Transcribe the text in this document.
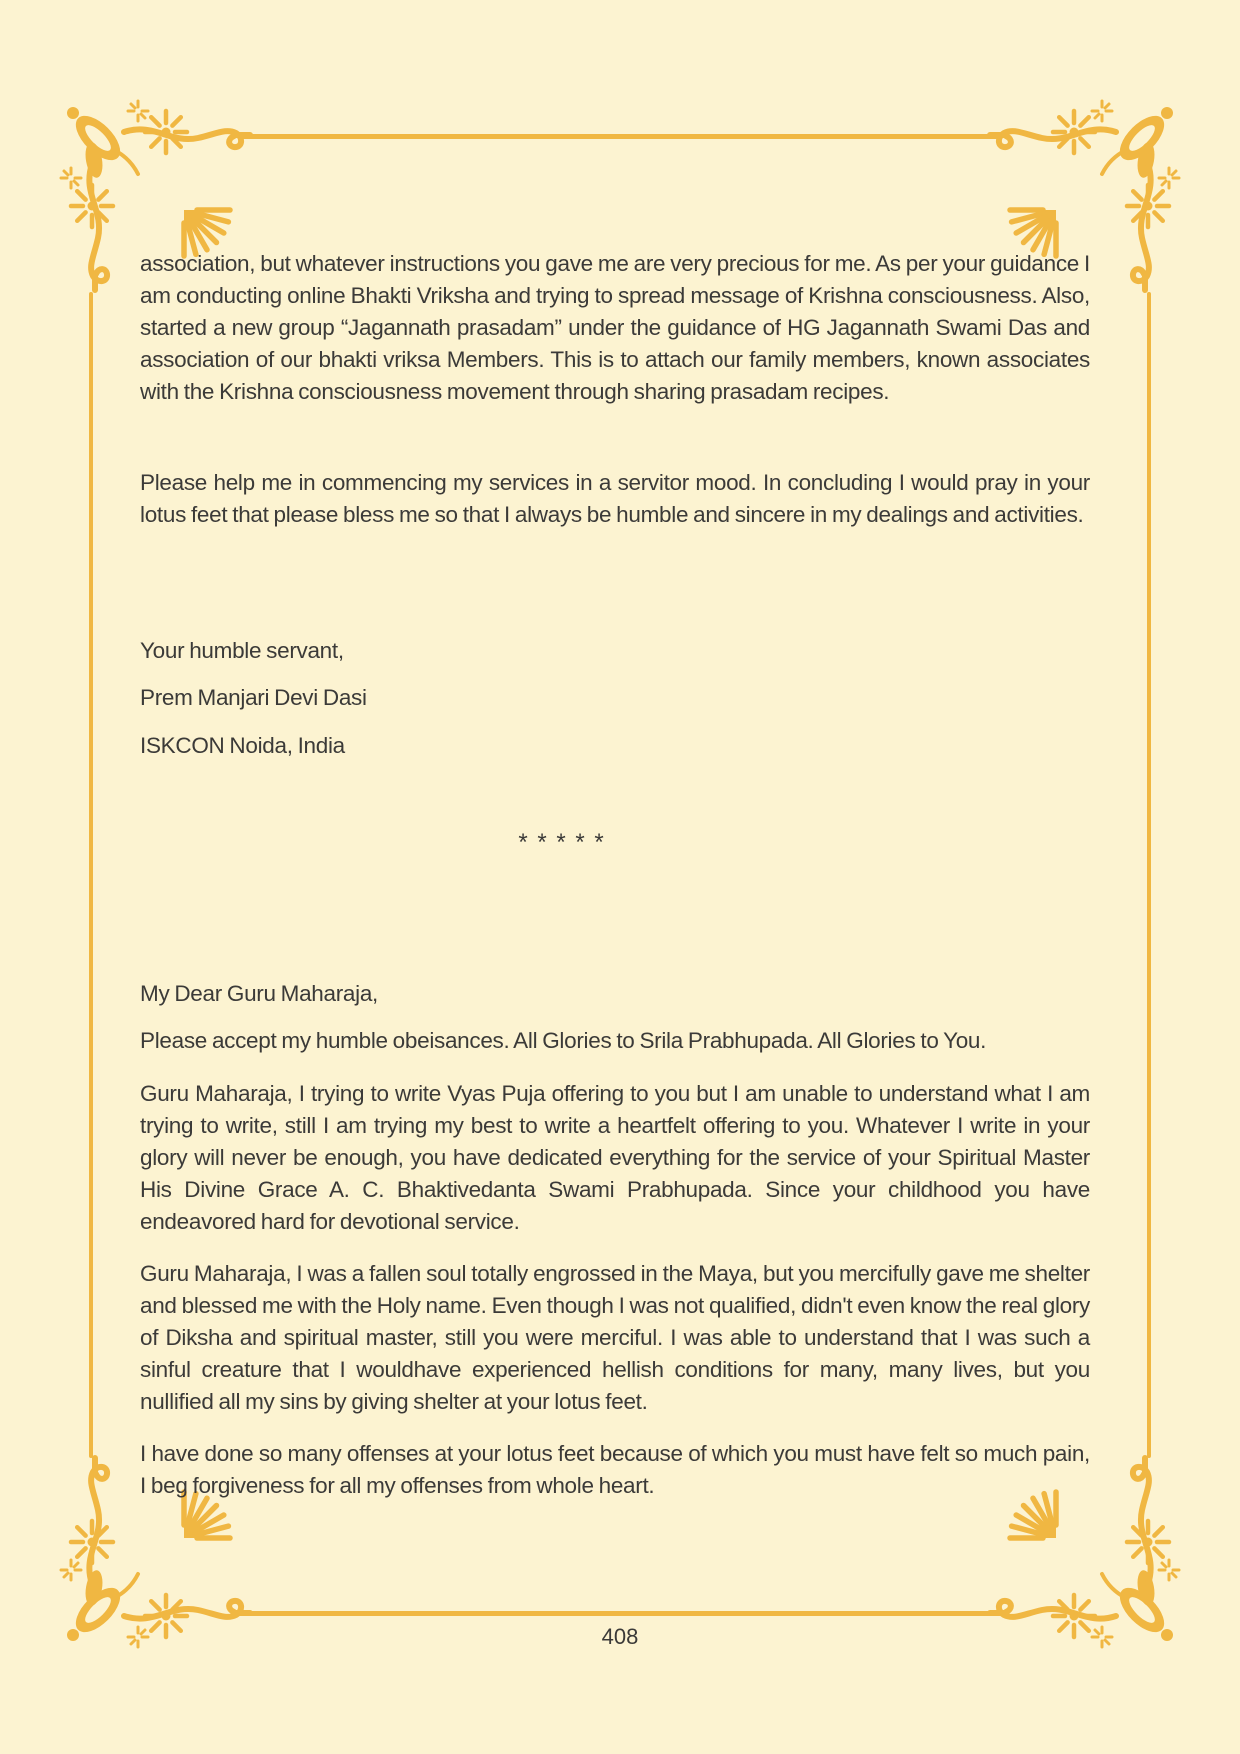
association, but whatever instructions you gave me are very precious for me. As per your guidance I am conducting online Bhakti Vriksha and trying to spread message of Krishna consciousness. Also, started a new group “Jagannath prasadam” under the guidance of HG Jagannath Swami Das and association of our bhakti vriksa Members. This is to attach our family members, known associates with the Krishna consciousness movement through sharing prasadam recipes.

Please help me in commencing my services in a servitor mood. In concluding I would pray in your lotus feet that please bless me so that I always be humble and sincere in my dealings and activities.

Your humble servant,

Prem Manjari Devi Dasi

ISKCON Noida, India

* * * * *

My Dear Guru Maharaja,

Please accept my humble obeisances. All Glories to Srila Prabhupada. All Glories to You.

Guru Maharaja, I trying to write Vyas Puja offering to you but I am unable to understand what I am trying to write, still I am trying my best to write a heartfelt offering to you. Whatever I write in your glory will never be enough, you have dedicated everything for the service of your Spiritual Master His Divine Grace A. C. Bhaktivedanta Swami Prabhupada. Since your childhood you have endeavored hard for devotional service.

Guru Maharaja, I was a fallen soul totally engrossed in the Maya, but you mercifully gave me shelter and blessed me with the Holy name. Even though I was not qualified, didn't even know the real glory of Diksha and spiritual master, still you were merciful. I was able to understand that I was such a sinful creature that I wouldhave experienced hellish conditions for many, many lives, but you nullified all my sins by giving shelter at your lotus feet.

I have done so many offenses at your lotus feet because of which you must have felt so much pain, I beg forgiveness for all my offenses from whole heart.

408
